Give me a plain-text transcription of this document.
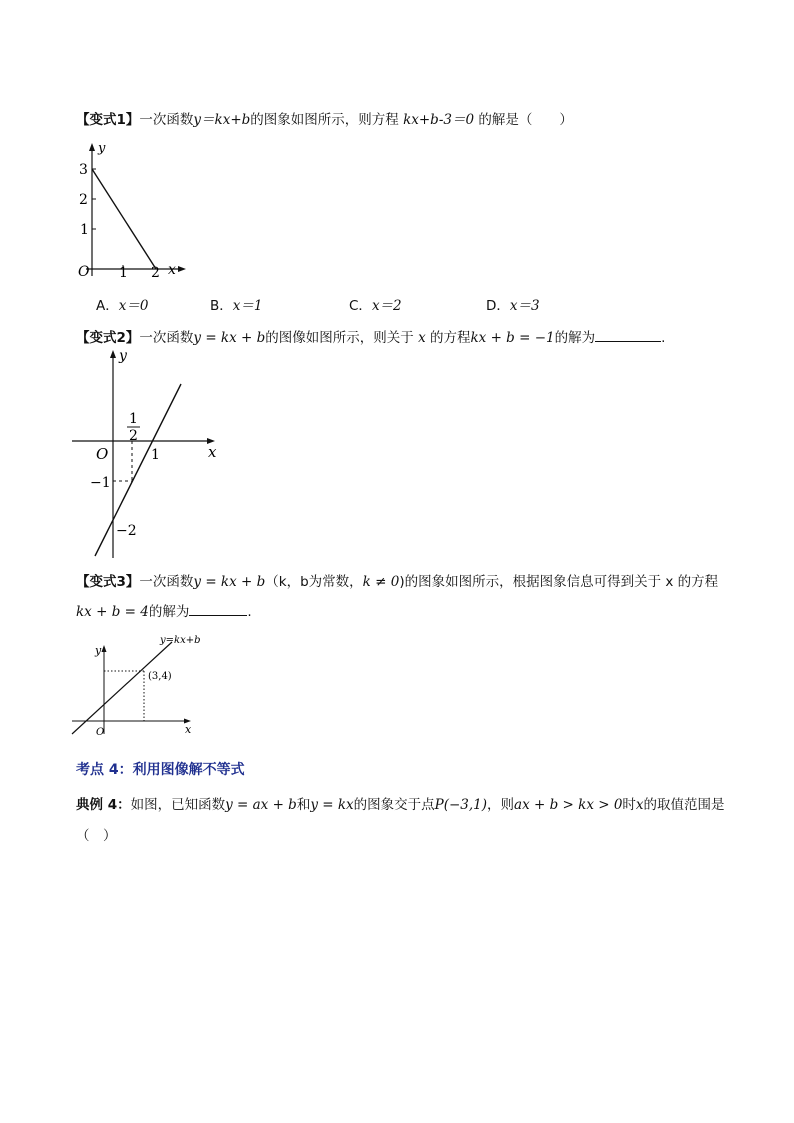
【变式1】一次函数y＝kx+b的图象如图所示，则方程 kx+b-3＝0 的解是（　　）
y
3
2
1
O 1 2 x
A．x＝0	B．x＝1	C．x＝2	D．x＝3
【变式2】一次函数y = kx + b的图像如图所示，则关于 x 的方程kx + b = −1的解为	.
y
1
2
O	1	x
−1
−2
【变式3】一次函数y = kx + b（k，b为常数，k ≠ 0)的图象如图所示，根据图象信息可得到关于 x 的方程
kx + b = 4的解为	.
y=kx+b
(3,4)
y
O	x
考点 4：利用图像解不等式
典例 4：如图，已知函数y = ax + b和y = kx的图象交于点P(−3,1)，则ax + b > kx > 0时x的取值范围是
（　）
